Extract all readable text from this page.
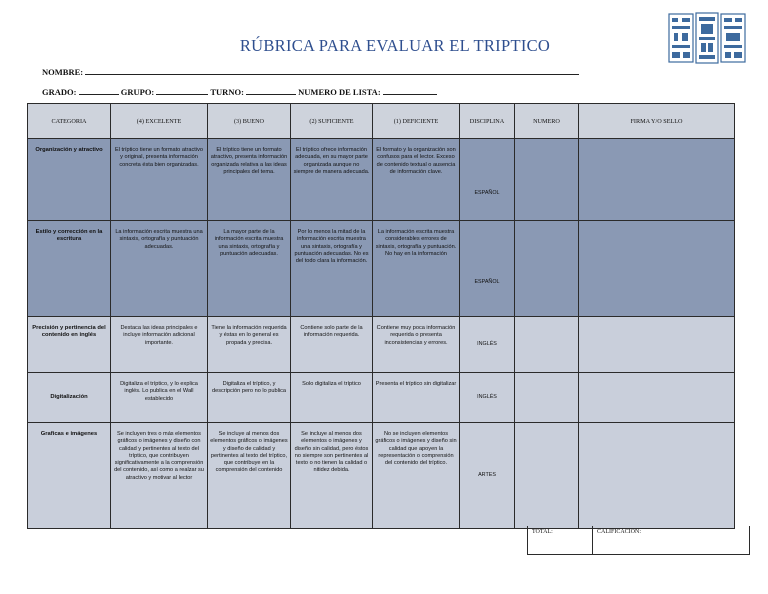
RÚBRICA PARA EVALUAR EL TRIPTICO
NOMBRE:
GRADO:	GRUPO:	TURNO:	NUMERO DE LISTA:
CATEGORIA	(4) EXCELENTE	(3) BUENO	(2) SUFICIENTE	(1) DEFICIENTE	DISCIPLINA	NUMERO	FIRMA Y/O SELLO
Organización y atractivo	El tríptico tiene un formato atractivo y original, presenta información concreta ésta bien organizadas.	El tríptico tiene un formato atractivo, presenta información organizada relativa a las ideas principales del tema.	El tríptico ofrece información adecuada, en su mayor parte organizada aunque no siempre de manera adecuada.	El formato y la organización son confusos para el lector. Exceso de contenido textual o ausencia de información clave.	ESPAÑOL		
Estilo y corrección en la escritura	La información escrita muestra una sintaxis, ortografía y puntuación adecuadas.	La mayor parte de la información escrita muestra una sintaxis, ortografía y puntuación adecuadas.	Por lo menos la mitad de la información escrita muestra una sintaxis, ortografía y puntuación adecuadas. No es del todo clara la información.	La información escrita muestra considerables errores de sintaxis, ortografía y puntuación. No hay en la información	ESPAÑOL		
Precisión y pertinencia del contenido en inglés	Destaca las ideas principales e incluye información adicional importante.	Tiene la información requerida y éstas en lo general es propada y precisa.	Contiene solo parte de la información requerida.	Contiene muy poca información requerida o presenta inconsistencias y errores.	INGLÉS		
Digitalización	Digitaliza el tríptico, y lo explica inglés. Lo publica en el Wall establecido	Digitaliza el tríptico, y descripción pero no lo publica	Solo digitaliza el tríptico	Presenta el tríptico sin digitalizar	INGLÉS		
Graficas e imágenes	Se incluyen tres o más elementos gráficos o imágenes y diseño con calidad y pertinentes al texto del tríptico, que contribuyen significativamente a la comprensión del contenido, así como a realzar su atractivo y motivar al lector	Se incluye al menos dos elementos gráficos o imágenes y diseño de calidad y pertinentes al texto del tríptico, que contribuye en la comprensión del contenido	Se incluye al menos dos elementos o imágenes y diseño sin calidad, pero éstos no siempre son pertinentes al texto o no tienen la calidad o nitidez debida.	No se incluyen elementos gráficos o imágenes y diseño sin calidad que apoyen la representación o comprensión del contenido del tríptico.	ARTES		
TOTAL:	CALIFICACION:
